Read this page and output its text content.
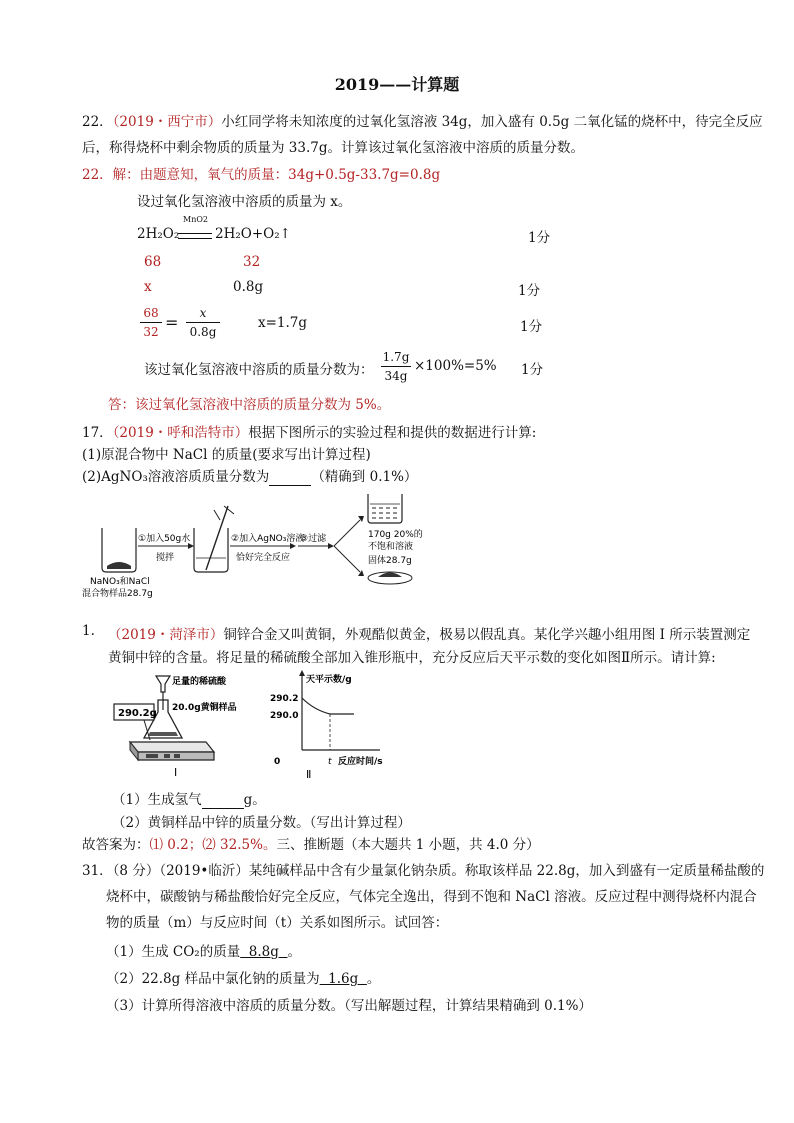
2019——计算题
22．（2019・西宁市）小红同学将未知浓度的过氧化氢溶液 34g，加入盛有 0.5g 二氧化锰的烧杯中，待完全反应
后，称得烧杯中剩余物质的质量为 33.7g。计算该过氧化氢溶液中溶质的质量分数。
22．解：由题意知，氧气的质量：34g+0.5g-33.7g=0.8g
设过氧化氢溶液中溶质的质量为 x。
MnO2
2H₂O₂	2H₂O+O₂↑	1分
68	32
x	0.8g	1分
68
32 =	x
0.8g
x=1.7g	1分
该过氧化氢溶液中溶质的质量分数为：
1.7g
34g
×100%=5% 1分
答：该过氧化氢溶液中溶质的质量分数为 5%。
17．（2019・呼和浩特市）根据下图所示的实验过程和提供的数据进行计算:
(1)原混合物中 NaCl 的质量(要求写出计算过程)
(2)AgNO₃溶液溶质质量分数为	（精确到 0.1%）
NaNO₃和NaCl
混合物样品28.7g
①加入50g水
搅拌
②加入AgNO₃溶液
恰好完全反应
③过滤	170g 20%的
不饱和溶液
固体28.7g
1. （2019・菏泽市）铜锌合金又叫黄铜，外观酷似黄金，极易以假乱真。某化学兴趣小组用图 I 所示装置测定
黄铜中锌的含量。将足量的稀硫酸全部加入锥形瓶中，充分反应后天平示数的变化如图Ⅱ所示。请计算:
足量的稀硫酸
20.0g黄铜样品
290.2g
I
天平示数/g
290.2
290.0
0	t 反应时间/s
Ⅱ
（1）生成氢气	g。
（2）黄铜样品中锌的质量分数。（写出计算过程）
故答案为：⑴ 0.2；⑵ 32.5%。三、推断题（本大题共 1 小题，共 4.0 分）
31．（8 分）（2019•临沂）某纯碱样品中含有少量氯化钠杂质。称取该样品 22.8g，加入到盛有一定质量稀盐酸的
烧杯中，碳酸钠与稀盐酸恰好完全反应，气体完全逸出，得到不饱和 NaCl 溶液。反应过程中测得烧杯内混合
物的质量（m）与反应时间（t）关系如图所示。试回答：
（1）生成 CO₂的质量  8.8g  。
（2）22.8g 样品中氯化钠的质量为  1.6g  。
（3）计算所得溶液中溶质的质量分数。（写出解题过程，计算结果精确到 0.1%）
